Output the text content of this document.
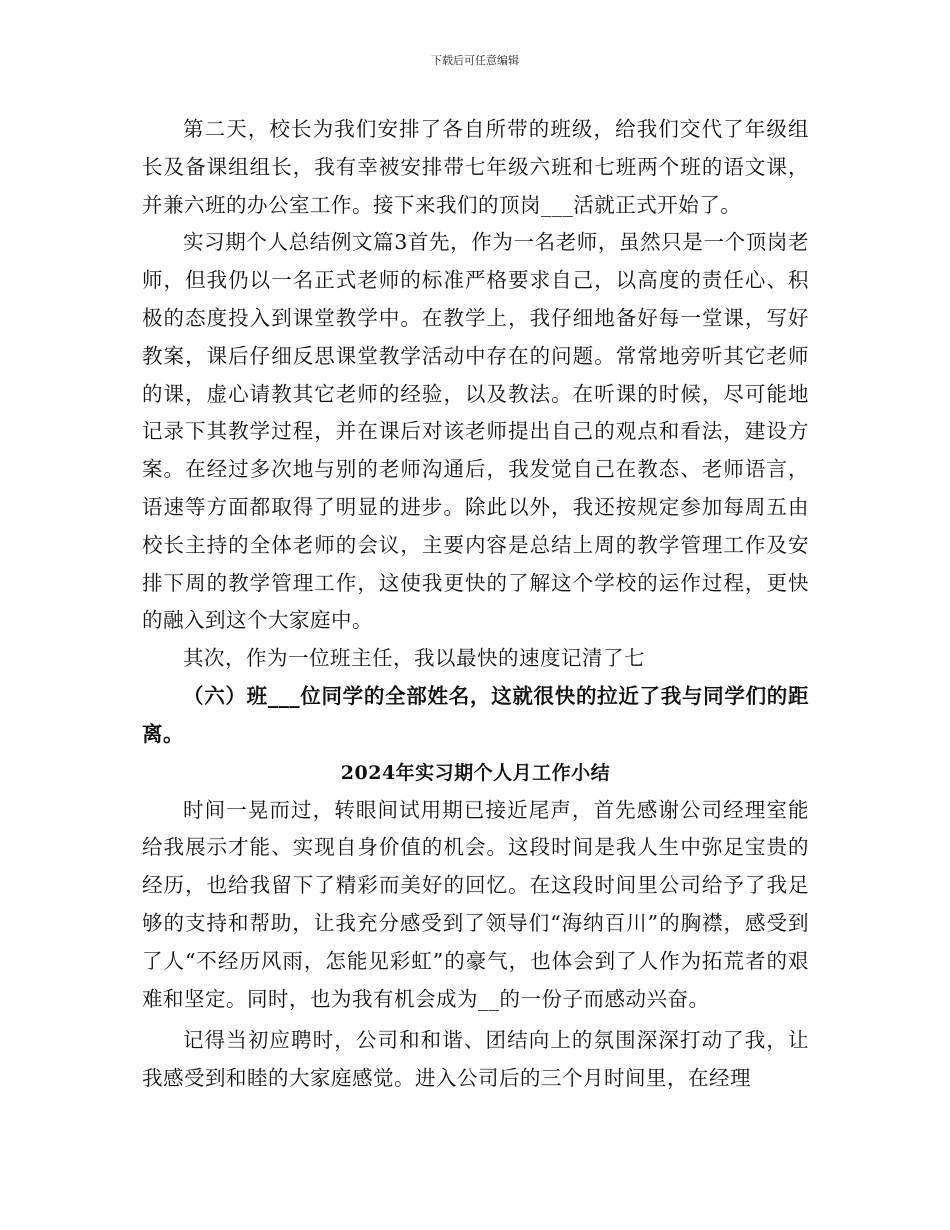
下载后可任意编辑

第二天，校长为我们安排了各自所带的班级，给我们交代了年级组长及备课组组长，我有幸被安排带七年级六班和七班两个班的语文课，并兼六班的办公室工作。接下来我们的顶岗___活就正式开始了。

实习期个人总结例文篇3首先，作为一名老师，虽然只是一个顶岗老师，但我仍以一名正式老师的标准严格要求自己，以高度的责任心、积极的态度投入到课堂教学中。在教学上，我仔细地备好每一堂课，写好教案，课后仔细反思课堂教学活动中存在的问题。常常地旁听其它老师的课，虚心请教其它老师的经验，以及教法。在听课的时候，尽可能地记录下其教学过程，并在课后对该老师提出自己的观点和看法，建设方案。在经过多次地与别的老师沟通后，我发觉自己在教态、老师语言，语速等方面都取得了明显的进步。除此以外，我还按规定参加每周五由校长主持的全体老师的会议，主要内容是总结上周的教学管理工作及安排下周的教学管理工作，这使我更快的了解这个学校的运作过程，更快的融入到这个大家庭中。

其次，作为一位班主任，我以最快的速度记清了七

（六）班___位同学的全部姓名，这就很快的拉近了我与同学们的距离。

2024年实习期个人月工作小结

时间一晃而过，转眼间试用期已接近尾声，首先感谢公司经理室能给我展示才能、实现自身价值的机会。这段时间是我人生中弥足宝贵的经历，也给我留下了精彩而美好的回忆。在这段时间里公司给予了我足够的支持和帮助，让我充分感受到了领导们“海纳百川”的胸襟，感受到了人“不经历风雨，怎能见彩虹”的豪气，也体会到了人作为拓荒者的艰难和坚定。同时，也为我有机会成为__的一份子而感动兴奋。

记得当初应聘时，公司和和谐、团结向上的氛围深深打动了我，让我感受到和睦的大家庭感觉。进入公司后的三个月时间里，在经理
